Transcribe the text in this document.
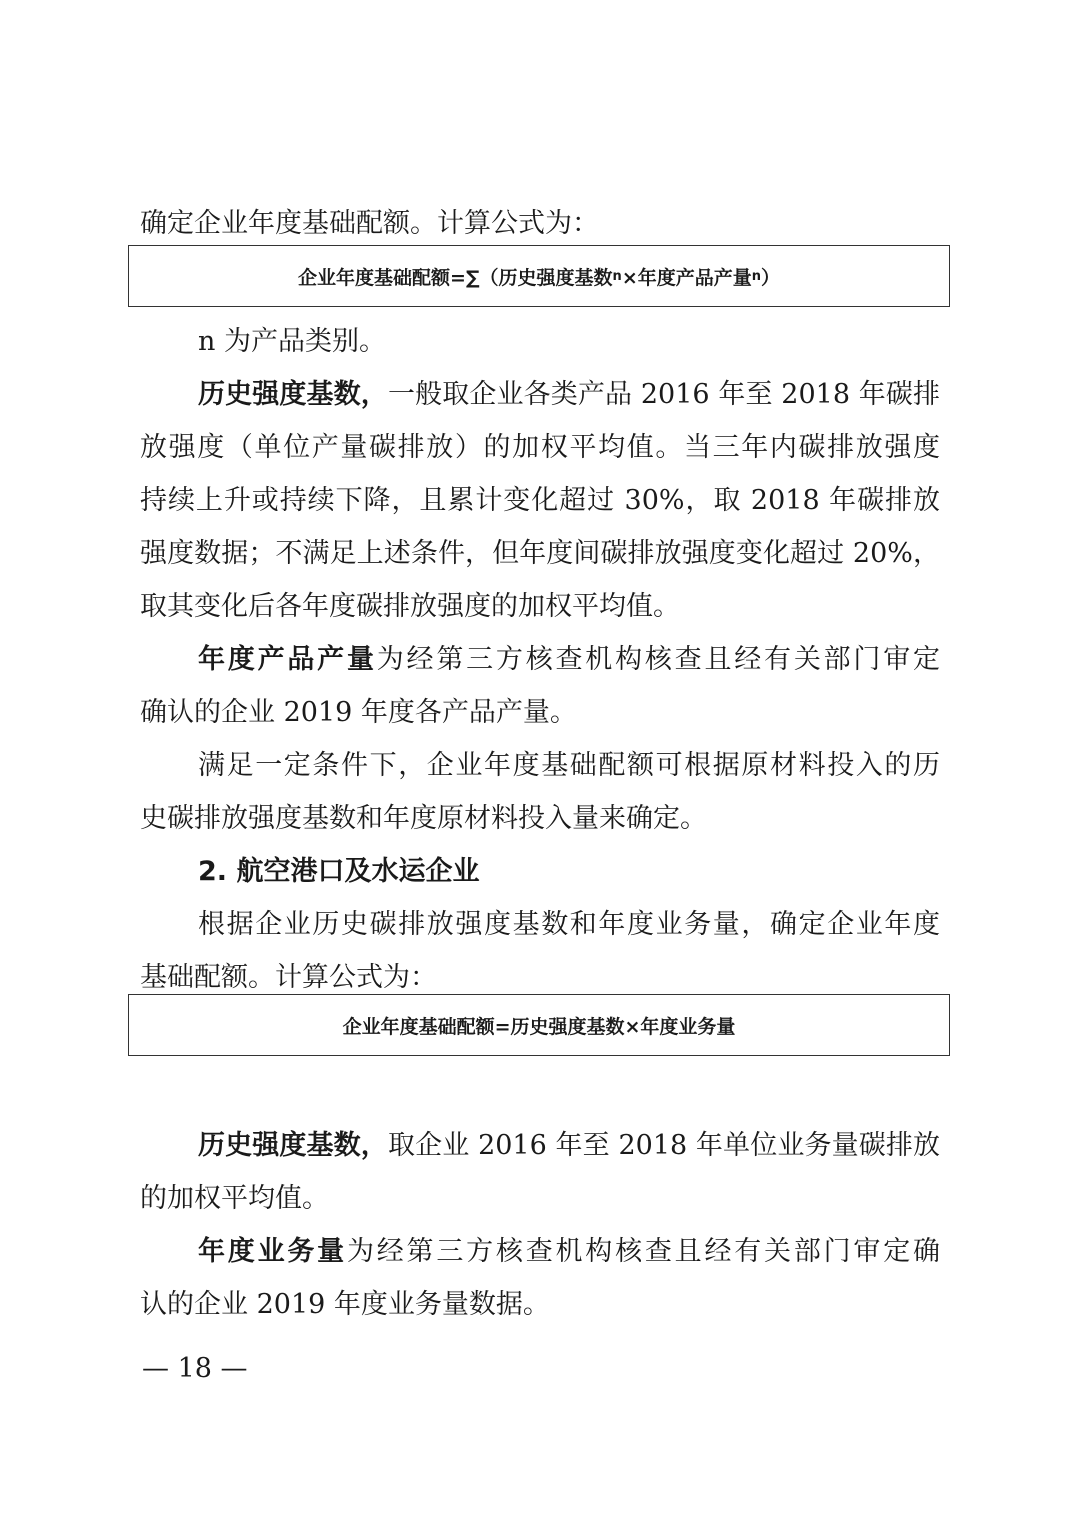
确定企业年度基础配额。计算公式为：
企业年度基础配额=∑（历史强度基数 n ×年度产品产量 n ）
n 为产品类别。
历史强度基数，一般取企业各类产品 2016 年至 2018 年碳排
放强度（单位产量碳排放）的加权平均值。当三年内碳排放强度
持续上升或持续下降，且累计变化超过 30%，取 2018 年碳排放
强度数据；不满足上述条件，但年度间碳排放强度变化超过 20%，
取其变化后各年度碳排放强度的加权平均值。
年度产品产量为经第三方核查机构核查且经有关部门审定
确认的企业 2019 年度各产品产量。
满足一定条件下，企业年度基础配额可根据原材料投入的历
史碳排放强度基数和年度原材料投入量来确定。
2. 航空港口及水运企业
根据企业历史碳排放强度基数和年度业务量，确定企业年度
基础配额。计算公式为：
企业年度基础配额=历史强度基数×年度业务量
历史强度基数，取企业 2016 年至 2018 年单位业务量碳排放
的加权平均值。
年度业务量为经第三方核查机构核查且经有关部门审定确
认的企业 2019 年度业务量数据。
— 18 —
